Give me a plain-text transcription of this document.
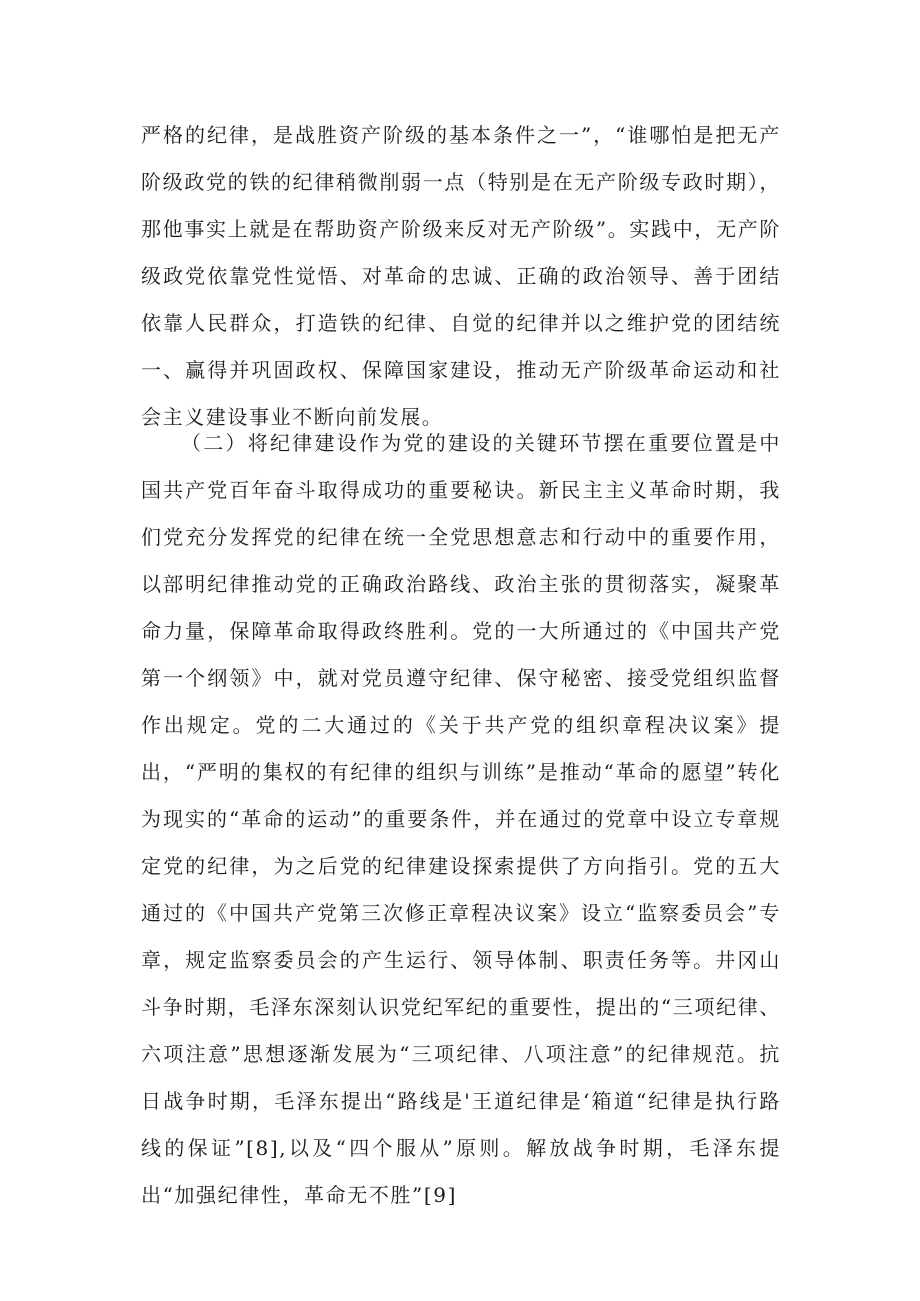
严格的纪律，是战胜资产阶级的基本条件之一”，“谁哪怕是把无产阶级政党的铁的纪律稍微削弱一点（特别是在无产阶级专政时期），那他事实上就是在帮助资产阶级来反对无产阶级”。实践中，无产阶级政党依靠党性觉悟、对革命的忠诚、正确的政治领导、善于团结依靠人民群众，打造铁的纪律、自觉的纪律并以之维护党的团结统一、赢得并巩固政权、保障国家建设，推动无产阶级革命运动和社会主义建设事业不断向前发展。

（二）将纪律建设作为党的建设的关键环节摆在重要位置是中国共产党百年奋斗取得成功的重要秘诀。新民主主义革命时期，我们党充分发挥党的纪律在统一全党思想意志和行动中的重要作用，以部明纪律推动党的正确政治路线、政治主张的贯彻落实，凝聚革命力量，保障革命取得政终胜利。党的一大所通过的《中国共产党第一个纲领》中，就对党员遵守纪律、保守秘密、接受党组织监督作出规定。党的二大通过的《关于共产党的组织章程决议案》提出，“严明的集权的有纪律的组织与训练”是推动“革命的愿望”转化为现实的“革命的运动”的重要条件，并在通过的党章中设立专章规定党的纪律，为之后党的纪律建设探索提供了方向指引。党的五大通过的《中国共产党第三次修正章程决议案》设立“监察委员会”专章，规定监察委员会的产生运行、领导体制、职责任务等。井冈山斗争时期，毛泽东深刻认识党纪军纪的重要性，提出的“三项纪律、六项注意”思想逐渐发展为“三项纪律、八项注意”的纪律规范。抗日战争时期，毛泽东提出“路线是'王道纪律是‘箱道“纪律是执行路线的保证”[8],以及“四个服从”原则。解放战争时期，毛泽东提出“加强纪律性，革命无不胜”[9]
